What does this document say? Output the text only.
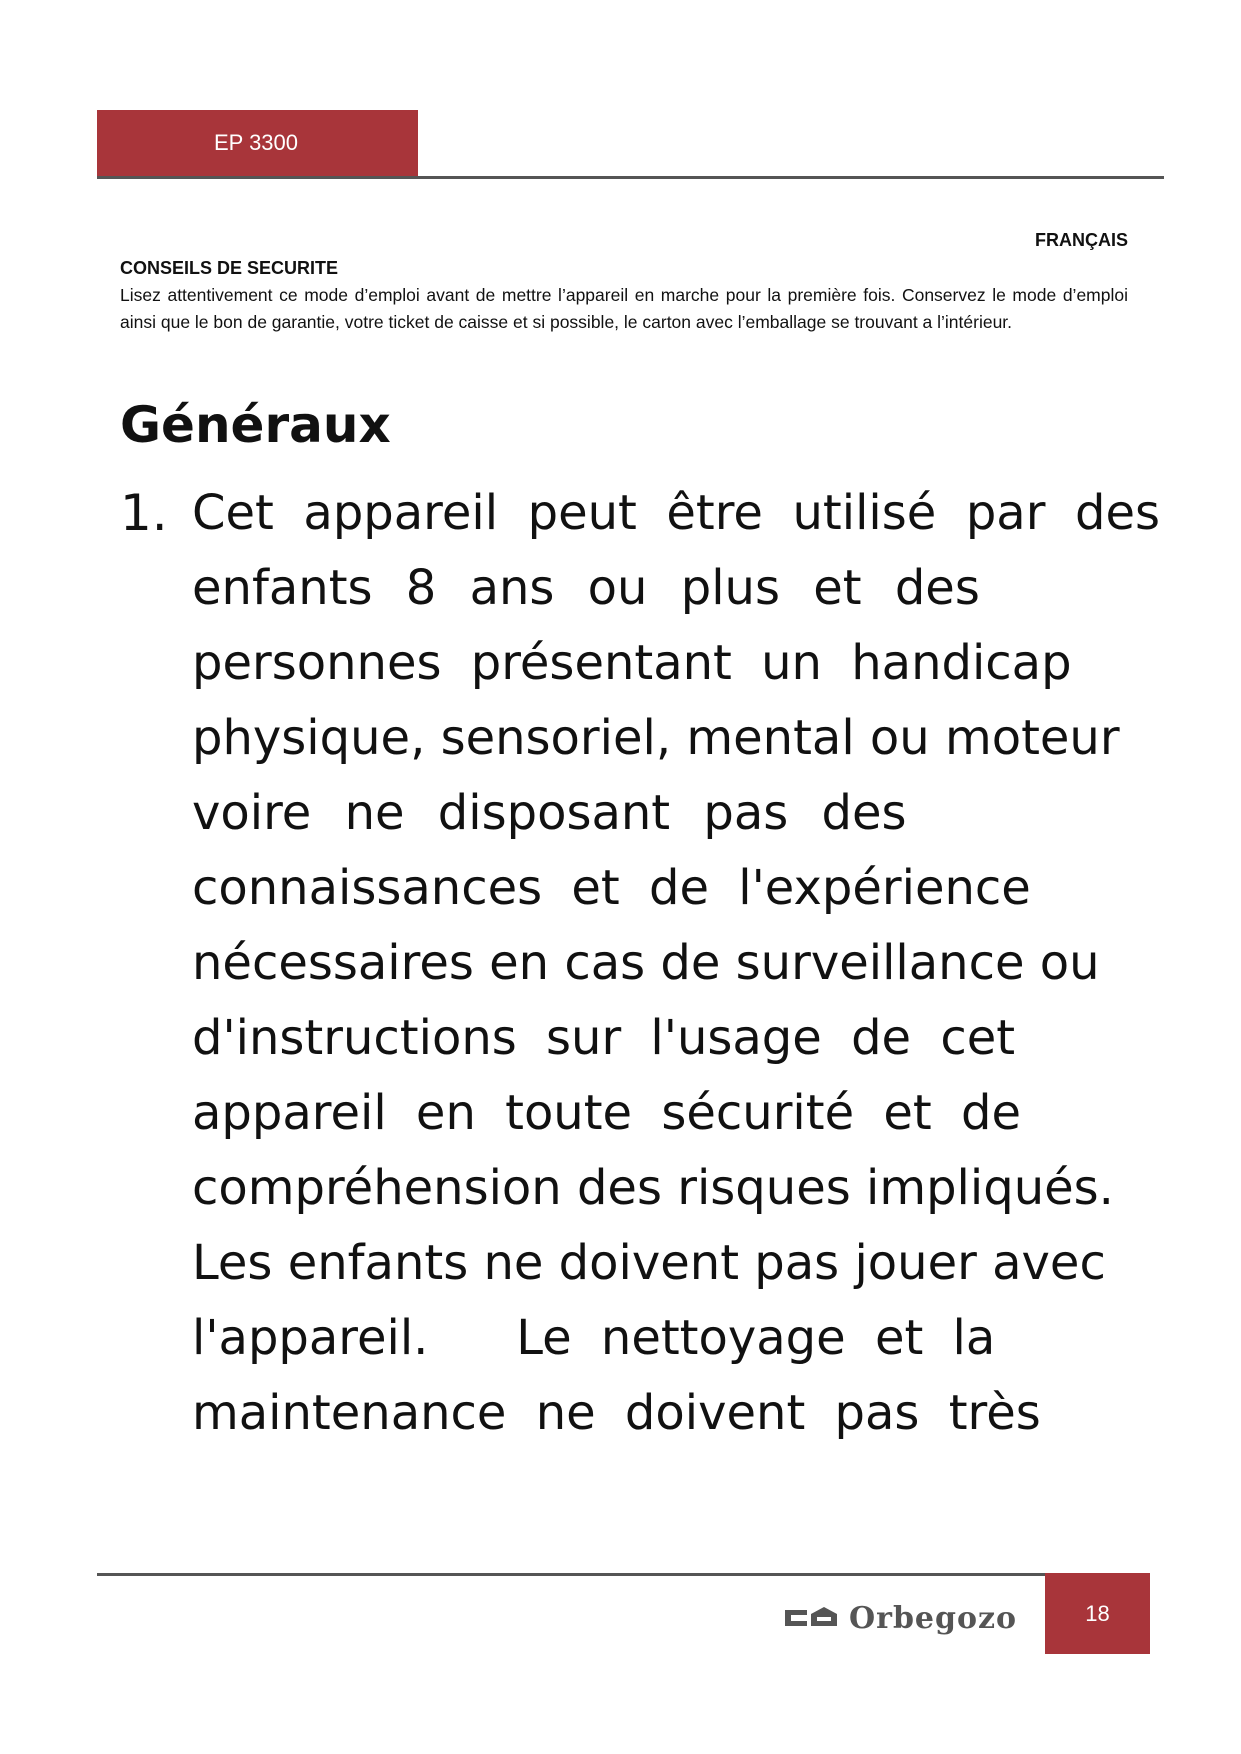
EP 3300
FRANÇAIS
CONSEILS DE SECURITE
Lisez attentivement ce mode d’emploi avant de mettre l’appareil en marche pour la première fois. Conservez le mode d’emploi ainsi que le bon de garantie, votre ticket de caisse et si possible, le carton avec l’emballage se trouvant a l’intérieur.
Généraux
1. Cet appareil peut être utilisé par des
enfants 8 ans ou plus et des
personnes présentant un handicap
physique, sensoriel, mental ou moteur
voire ne disposant pas des
connaissances et de l'expérience
nécessaires en cas de surveillance ou
d'instructions sur l'usage de cet
appareil en toute sécurité et de
compréhension des risques impliqués.
Les enfants ne doivent pas jouer avec
l'appareil.   Le nettoyage et la
maintenance ne doivent pas très
Orbegozo	18
